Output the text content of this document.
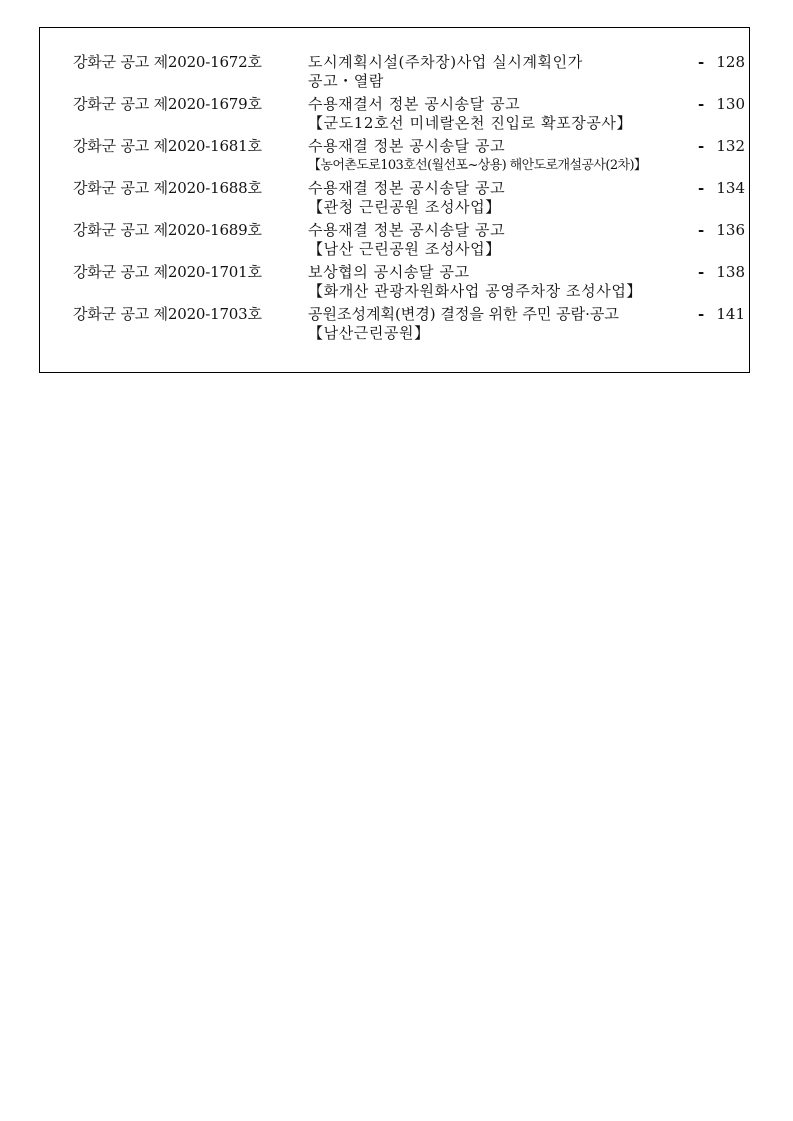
강화군 공고 제2020-1672호	도시계획시설(주차장)사업 실시계획인가
공고・열람
- 128
강화군 공고 제2020-1679호	수용재결서 정본 공시송달 공고
【군도12호선 미네랄온천 진입로 확포장공사】
- 130
강화군 공고 제2020-1681호	수용재결 정본 공시송달 공고
【농어촌도로103호선(월선포~상용) 해안도로개설공사(2차)】
- 132
강화군 공고 제2020-1688호	수용재결 정본 공시송달 공고
【관청 근린공원 조성사업】
- 134
강화군 공고 제2020-1689호	수용재결 정본 공시송달 공고
【남산 근린공원 조성사업】
- 136
강화군 공고 제2020-1701호	보상협의 공시송달 공고
【화개산 관광자원화사업 공영주차장 조성사업】
- 138
강화군 공고 제2020-1703호	공원조성계획(변경) 결정을 위한 주민 공람·공고
【남산근린공원】
- 141
